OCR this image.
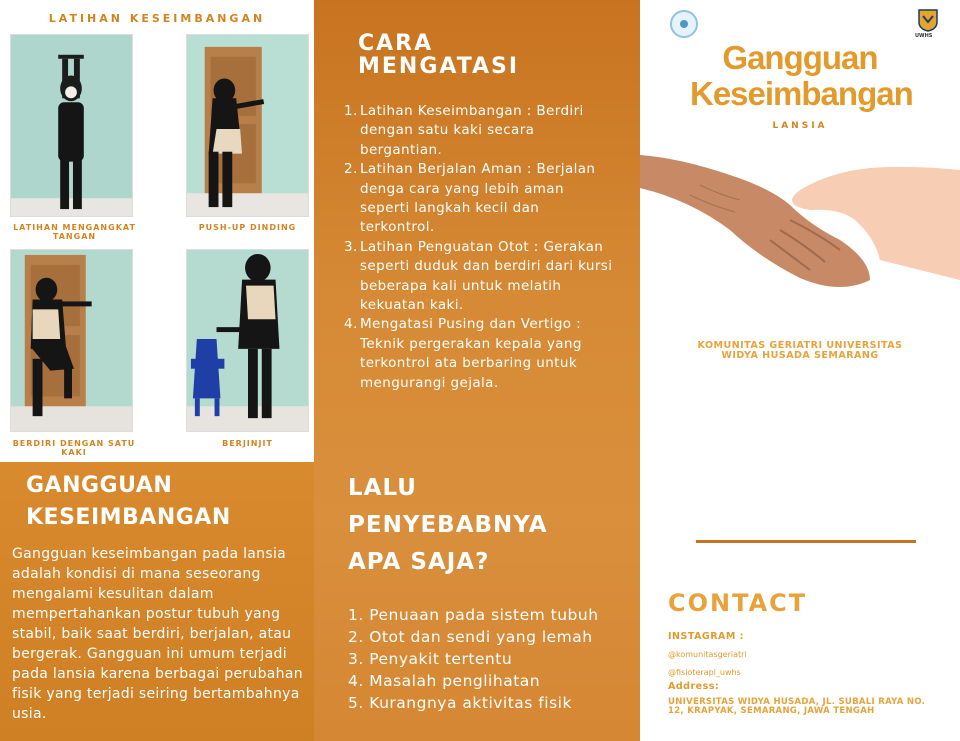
LATIHAN KESEIMBANGAN
LATIHAN MENGANGKAT TANGAN
PUSH-UP DINDING
BERDIRI DENGAN SATU KAKI
BERJINJIT
GANGGUAN KESEIMBANGAN
Gangguan keseimbangan pada lansia adalah kondisi di mana seseorang mengalami kesulitan dalam mempertahankan postur tubuh yang stabil, baik saat berdiri, berjalan, atau bergerak. Gangguan ini umum terjadi pada lansia karena berbagai perubahan fisik yang terjadi seiring bertambahnya usia.
CARA MENGATASI
1. Latihan Keseimbangan : Berdiri dengan satu kaki secara bergantian.
2. Latihan Berjalan Aman : Berjalan denga cara yang lebih aman seperti langkah kecil dan terkontrol.
3. Latihan Penguatan Otot : Gerakan seperti duduk dan berdiri dari kursi beberapa kali untuk melatih kekuatan kaki.
4. Mengatasi Pusing dan Vertigo : Teknik pergerakan kepala yang terkontrol ata berbaring untuk mengurangi gejala.
LALU PENYEBABNYA APA SAJA?
1. Penuaan pada sistem tubuh
2. Otot dan sendi yang lemah
3. Penyakit tertentu
4. Masalah penglihatan
5. Kurangnya aktivitas fisik
UWHS
Gangguan Keseimbangan
LANSIA
KOMUNITAS GERIATRI UNIVERSITAS WIDYA HUSADA SEMARANG
CONTACT
INSTAGRAM :
@komunitasgeriatri
@fisioterapi_uwhs
Address:
UNIVERSITAS WIDYA HUSADA, JL. SUBALI RAYA NO. 12, KRAPYAK, SEMARANG, JAWA TENGAH
